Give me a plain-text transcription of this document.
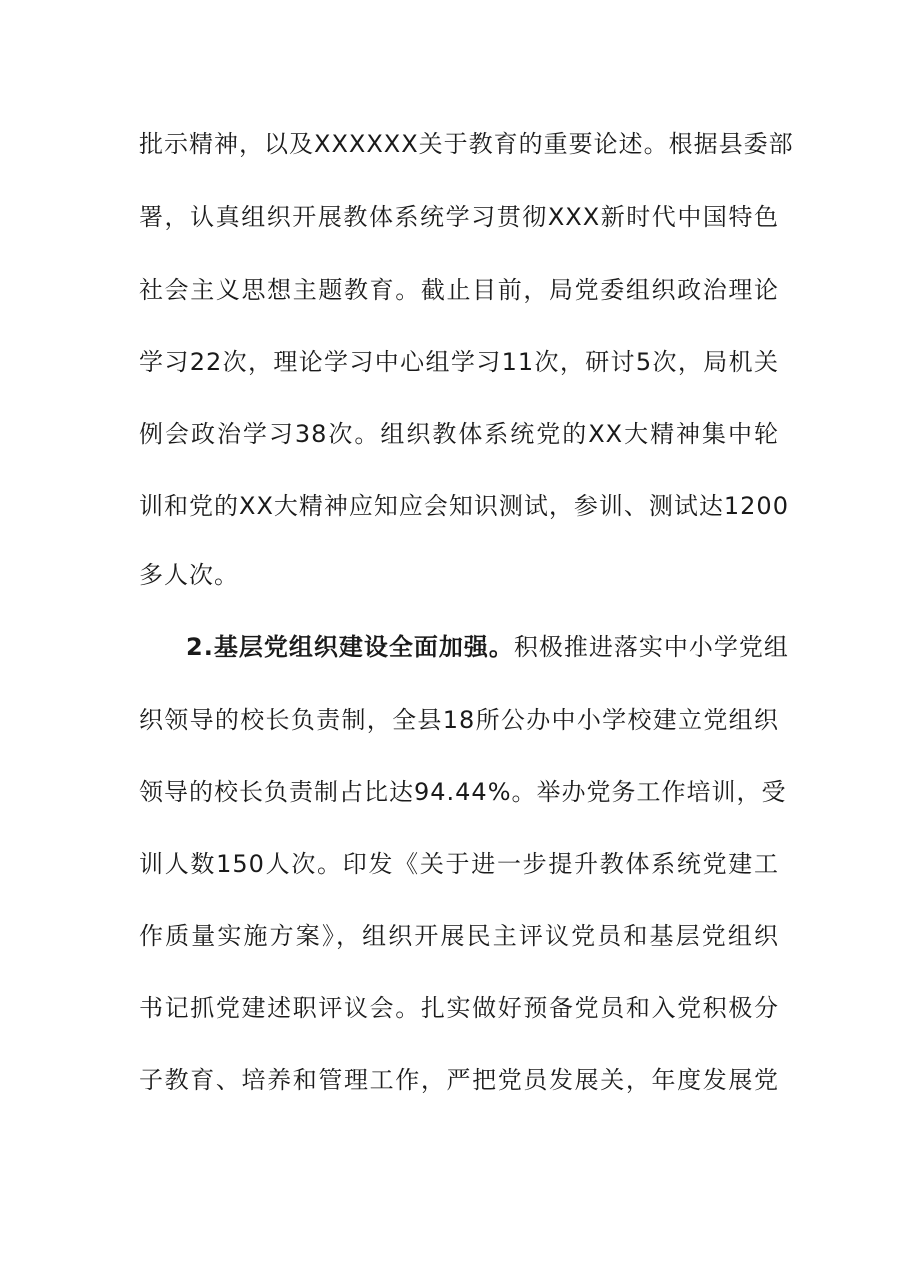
批示精神，以及XXXXXX关于教育的重要论述。根据县委部
署，认真组织开展教体系统学习贯彻XXX新时代中国特色
社会主义思想主题教育。截止目前，局党委组织政治理论
学习22次，理论学习中心组学习11次，研讨5次，局机关
例会政治学习38次。组织教体系统党的XX大精神集中轮
训和党的XX大精神应知应会知识测试，参训、测试达1200
多人次。
2.基层党组织建设全面加强。积极推进落实中小学党组
织领导的校长负责制，全县18所公办中小学校建立党组织
领导的校长负责制占比达94.44%。举办党务工作培训，受
训人数150人次。印发《关于进一步提升教体系统党建工
作质量实施方案》，组织开展民主评议党员和基层党组织
书记抓党建述职评议会。扎实做好预备党员和入党积极分
子教育、培养和管理工作，严把党员发展关，年度发展党
